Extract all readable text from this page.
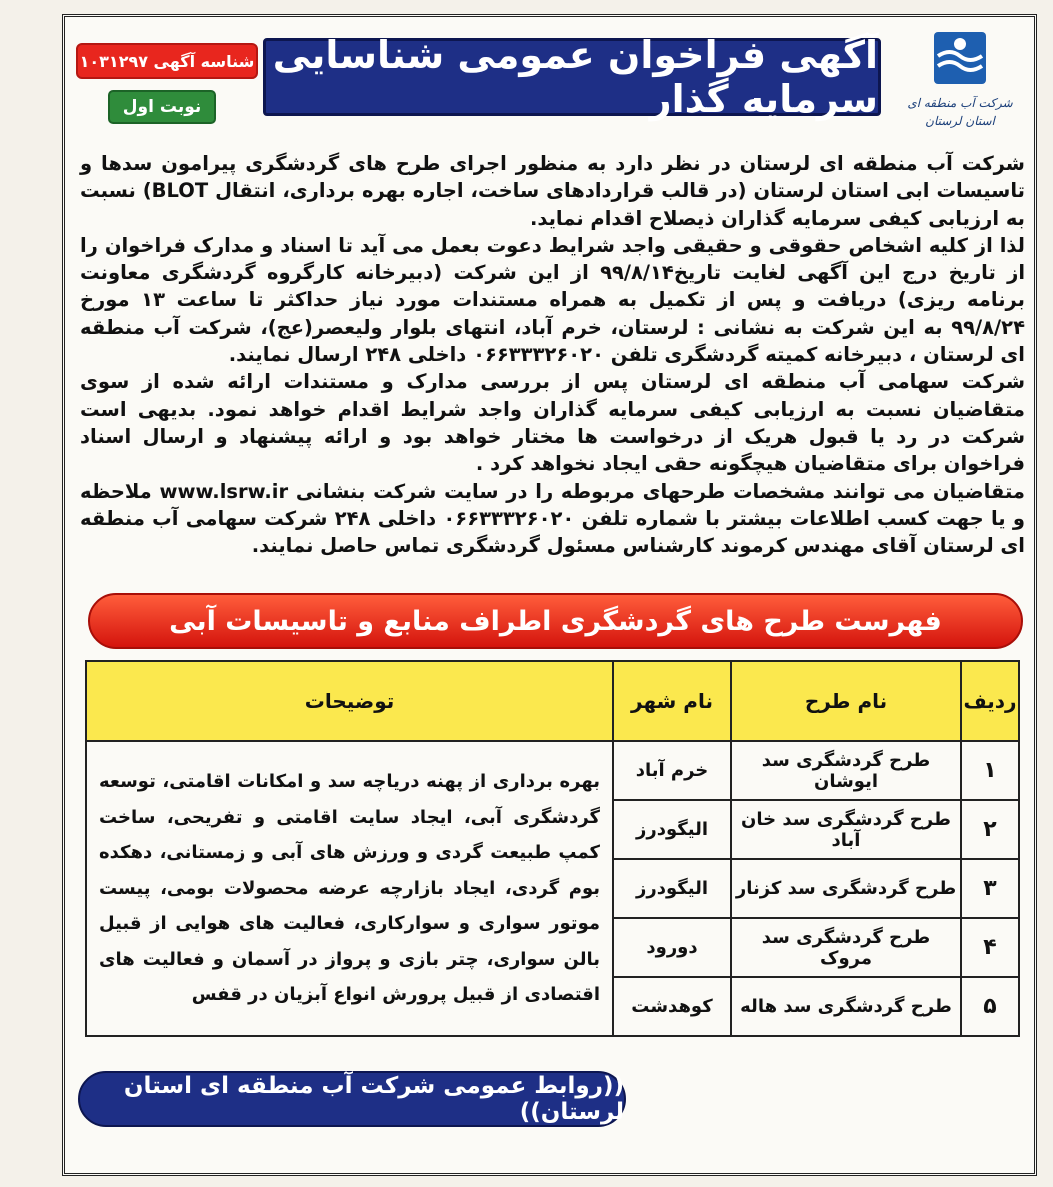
شرکت آب منطقه ای
استان لرستان
آگهی فراخوان عمومی شناسایی سرمایه گذار
شناسه آگهی ۱۰۳۱۲۹۷
نوبت اول

شرکت آب منطقه ای لرستان در نظر دارد به منظور اجرای طرح های گردشگری پیرامون سدها و تاسیسات ابی استان لرستان (در قالب قراردادهای ساخت، اجاره بهره برداری، انتقال BLOT) نسبت به ارزیابی کیفی سرمایه گذاران ذیصلاح اقدام نماید.

لذا از کلیه اشخاص حقوقی و حقیقی واجد شرایط دعوت بعمل می آید تا اسناد و مدارک فراخوان را از تاریخ درج این آگهی لغایت تاریخ۹۹/۸/۱۴ از این شرکت (دبیرخانه کارگروه گردشگری معاونت برنامه ریزی) دریافت و پس از تکمیل به همراه مستندات مورد نیاز حداکثر تا ساعت ۱۳ مورخ ۹۹/۸/۲۴ به این شرکت به نشانی : لرستان، خرم آباد، انتهای بلوار ولیعصر(عج)، شرکت آب منطقه ای لرستان ، دبیرخانه کمیته گردشگری تلفن ۰۶۶۳۳۳۲۶۰۲۰ داخلی ۲۴۸ ارسال نمایند.

شرکت سهامی آب منطقه ای لرستان پس از بررسی مدارک و مستندات ارائه شده از سوی متقاضیان نسبت به ارزیابی کیفی سرمایه گذاران واجد شرایط اقدام خواهد نمود. بدیهی است شرکت در رد یا قبول هریک از درخواست ها مختار خواهد بود و ارائه پیشنهاد و ارسال اسناد فراخوان برای متقاضیان هیچگونه حقی ایجاد نخواهد کرد .

متقاضیان می توانند مشخصات طرحهای مربوطه را در سایت شرکت بنشانی www.lsrw.ir ملاحظه و یا جهت کسب اطلاعات بیشتر با شماره تلفن ۰۶۶۳۳۳۲۶۰۲۰ داخلی ۲۴۸ شرکت سهامی آب منطقه ای لرستان آقای مهندس کرموند کارشناس مسئول گردشگری تماس حاصل نمایند.

فهرست طرح های گردشگری اطراف منابع و تاسیسات آبی
ردیف	نام طرح	نام شهر	توضیحات
۱	طرح گردشگری سد ایوشان	خرم آباد	بهره برداری از پهنه دریاچه سد و امکانات اقامتی، توسعه گردشگری آبی، ایجاد سایت اقامتی و تفریحی، ساخت کمپ طبیعت گردی و ورزش های آبی و زمستانی، دهکده بوم گردی، ایجاد بازارچه عرضه محصولات بومی، پیست موتور سواری و سوارکاری، فعالیت های هوایی از قبیل بالن سواری، چتر بازی و پرواز در آسمان و فعالیت های اقتصادی از قبیل پرورش انواع آبزیان در قفس
۲	طرح گردشگری سد خان آباد	الیگودرز	
۳	طرح گردشگری سد کزنار	الیگودرز	
۴	طرح گردشگری سد مروک	دورود	
۵	طرح گردشگری سد هاله	کوهدشت	
((روابط عمومی شرکت آب منطقه ای استان لرستان))
